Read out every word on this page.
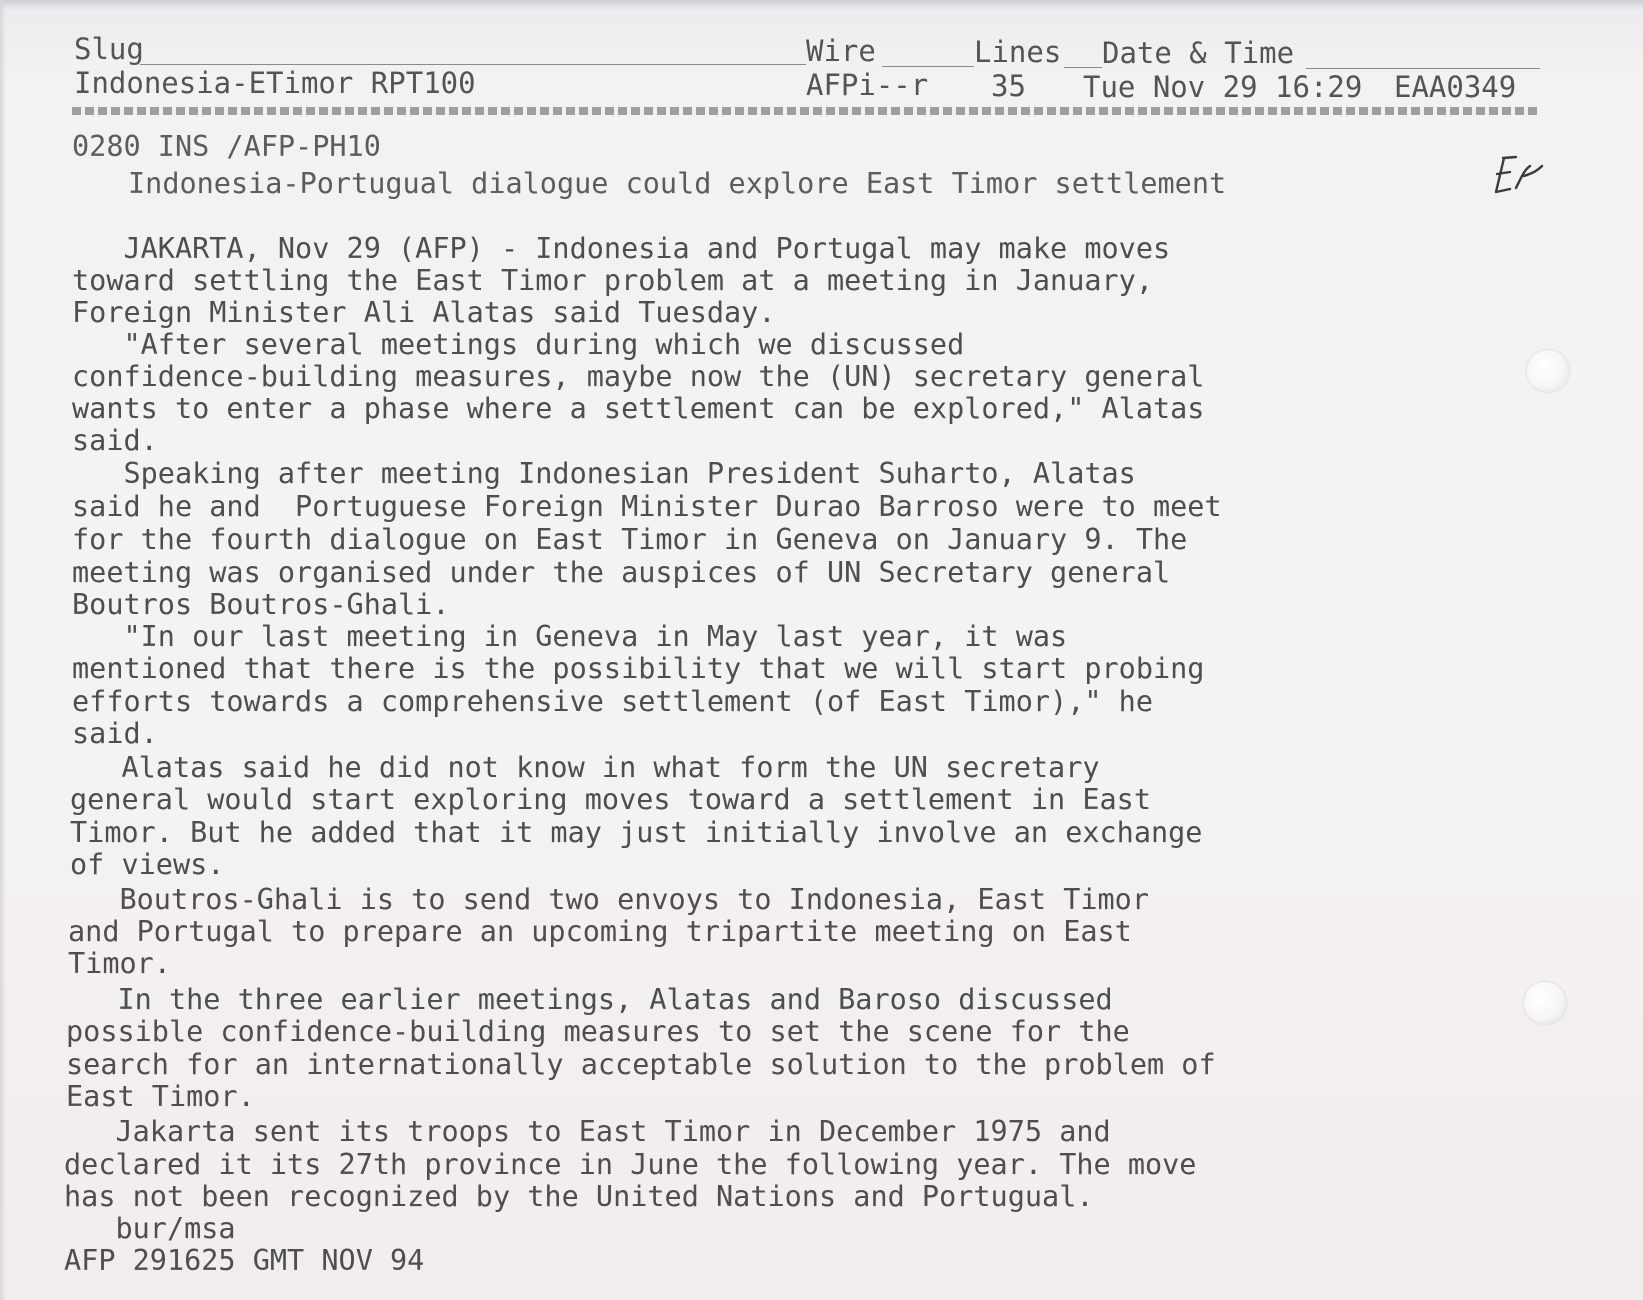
Slug	Wire	Lines Date & Time
Indonesia-ETimor RPT100	AFPi--r 35 Tue Nov 29 16:29 EAA0349
0280 INS /AFP-PH10
Indonesia-Portugual dialogue could explore East Timor settlement
JAKARTA, Nov 29 (AFP) - Indonesia and Portugal may make moves
toward settling the East Timor problem at a meeting in January,
Foreign Minister Ali Alatas said Tuesday.
"After several meetings during which we discussed
confidence-building measures, maybe now the (UN) secretary general
wants to enter a phase where a settlement can be explored," Alatas
said.
Speaking after meeting Indonesian President Suharto, Alatas
said he and  Portuguese Foreign Minister Durao Barroso were to meet
for the fourth dialogue on East Timor in Geneva on January 9. The
meeting was organised under the auspices of UN Secretary general
Boutros Boutros-Ghali.
"In our last meeting in Geneva in May last year, it was
mentioned that there is the possibility that we will start probing
efforts towards a comprehensive settlement (of East Timor)," he
said.
Alatas said he did not know in what form the UN secretary
general would start exploring moves toward a settlement in East
Timor. But he added that it may just initially involve an exchange
of views.
Boutros-Ghali is to send two envoys to Indonesia, East Timor
and Portugal to prepare an upcoming tripartite meeting on East
Timor.
In the three earlier meetings, Alatas and Baroso discussed
possible confidence-building measures to set the scene for the
search for an internationally acceptable solution to the problem of
East Timor.
Jakarta sent its troops to East Timor in December 1975 and
declared it its 27th province in June the following year. The move
has not been recognized by the United Nations and Portugual.
bur/msa
AFP 291625 GMT NOV 94
